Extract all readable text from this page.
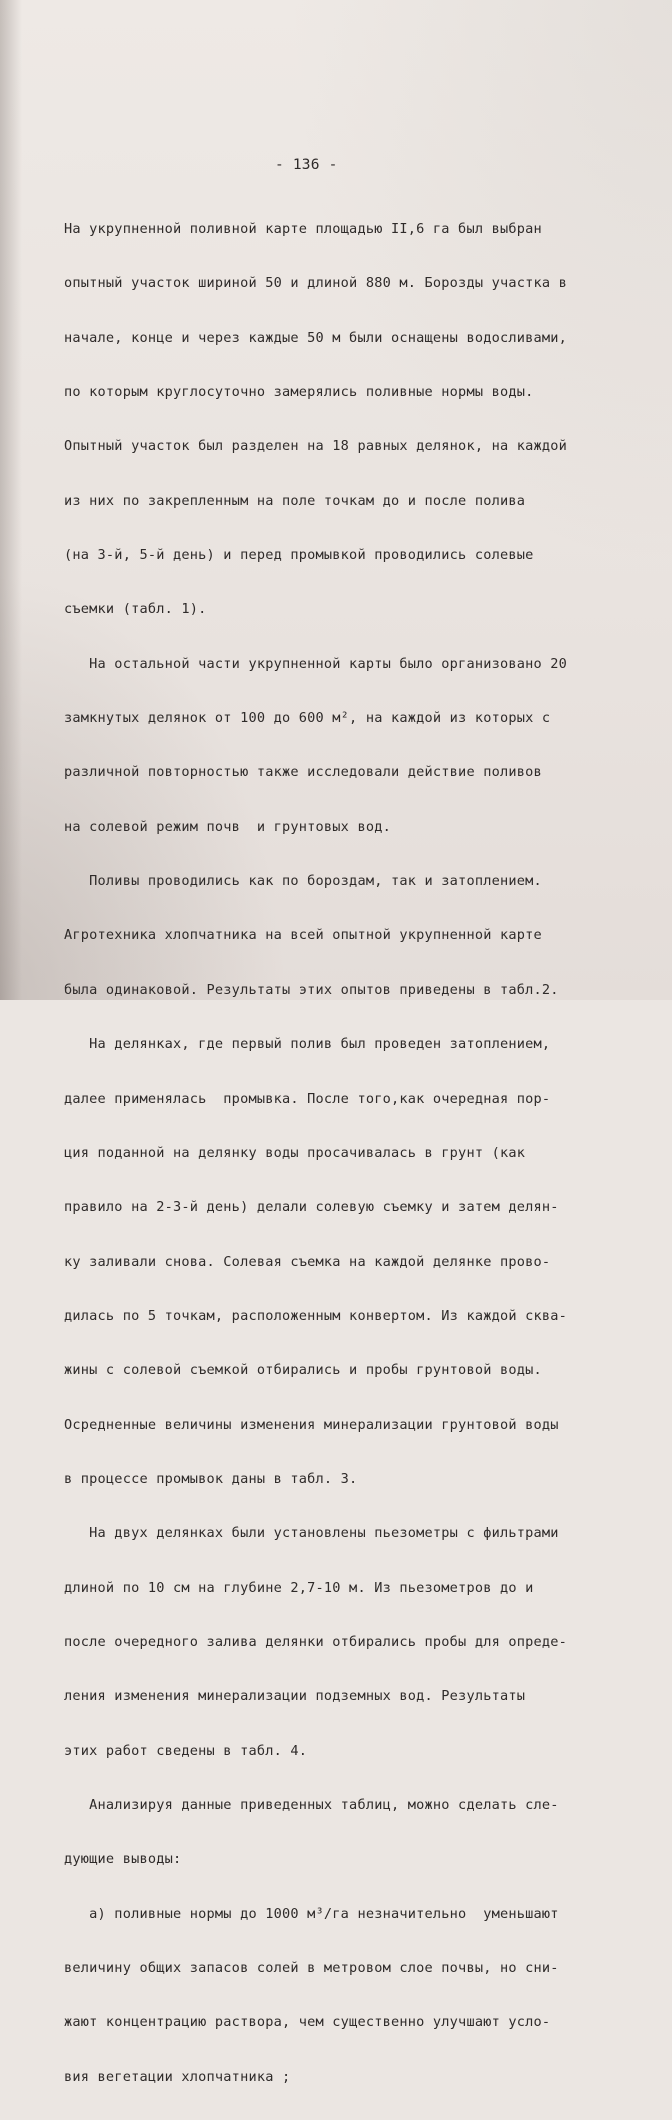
- 136 -

На укрупненной поливной карте площадью II,6 га был выбран

опытный участок шириной 50 и длиной 880 м. Борозды участка в

начале, конце и через каждые 50 м были оснащены водосливами,

по которым круглосуточно замерялись поливные нормы воды.

Опытный участок был разделен на 18 равных делянок, на каждой

из них по закрепленным на поле точкам до и после полива

(на 3-й, 5-й день) и перед промывкой проводились солевые

съемки (табл. 1).

На остальной части укрупненной карты было организовано 20

замкнутых делянок от 100 до 600 м², на каждой из которых с

различной повторностью также исследовали действие поливов

на солевой режим почв  и грунтовых вод.

Поливы проводились как по бороздам, так и затоплением.

Агротехника хлопчатника на всей опытной укрупненной карте

была одинаковой. Результаты этих опытов приведены в табл.2.

На делянках, где первый полив был проведен затоплением,

далее применялась  промывка. После того,как очередная пор-

ция поданной на делянку воды просачивалась в грунт (как

правило на 2-3-й день) делали солевую съемку и затем делян-

ку заливали снова. Солевая съемка на каждой делянке прово-

дилась по 5 точкам, расположенным конвертом. Из каждой сква-

жины с солевой съемкой отбирались и пробы грунтовой воды.

Осредненные величины изменения минерализации грунтовой воды

в процессе промывок даны в табл. 3.

На двух делянках были установлены пьезометры с фильтрами

длиной по 10 см на глубине 2,7-10 м. Из пьезометров до и

после очередного залива делянки отбирались пробы для опреде-

ления изменения минерализации подземных вод. Результаты

этих работ сведены в табл. 4.

Анализируя данные приведенных таблиц, можно сделать сле-

дующие выводы:

а) поливные нормы до 1000 м³/га незначительно  уменьшают

величину общих запасов солей в метровом слое почвы, но сни-

жают концентрацию раствора, чем существенно улучшают усло-

вия вегетации хлопчатника ;
